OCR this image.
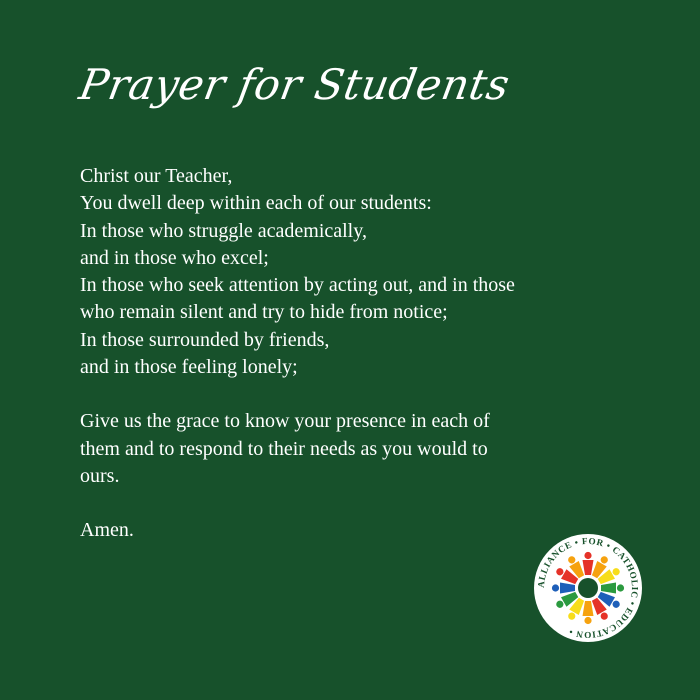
Prayer for Students
Christ our Teacher,
You dwell deep within each of our students:
In those who struggle academically,
and in those who excel;
In those who seek attention by acting out, and in those
who remain silent and try to hide from notice;
In those surrounded by friends,
and in those feeling lonely;
Give us the grace to know your presence in each of
them and to respond to their needs as you would to
ours.
Amen.
ALLIANCE • FOR • CATHOLIC • EDUCATION •
